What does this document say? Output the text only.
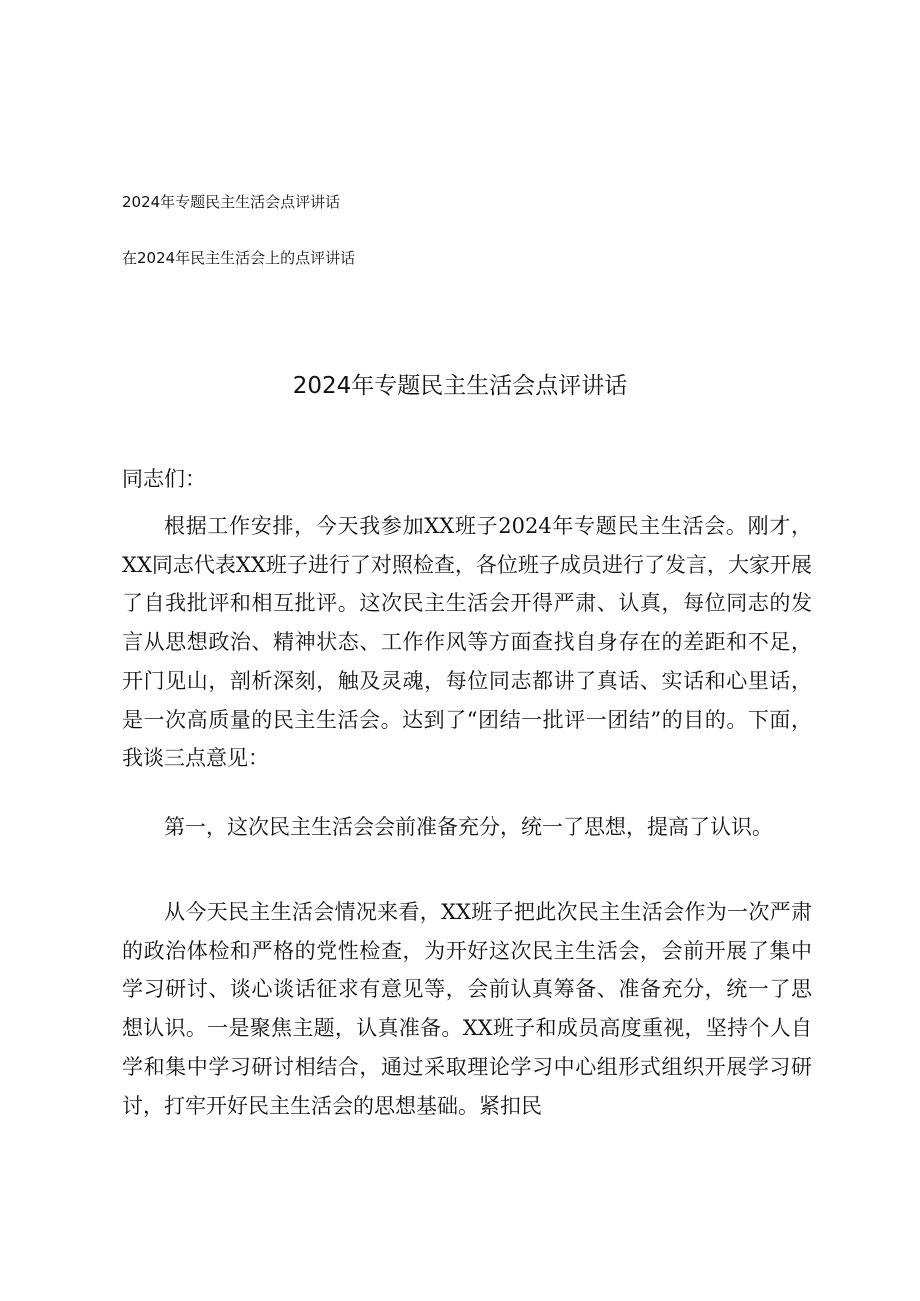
2024年专题民主生活会点评讲话
在2024年民主生活会上的点评讲话
2024年专题民主生活会点评讲话
同志们：

根据工作安排，今天我参加XX班子2024年专题民主生活会。刚才，XX同志代表XX班子进行了对照检查，各位班子成员进行了发言，大家开展了自我批评和相互批评。这次民主生活会开得严肃、认真，每位同志的发言从思想政治、精神状态、工作作风等方面查找自身存在的差距和不足，开门见山，剖析深刻，触及灵魂，每位同志都讲了真话、实话和心里话，是一次高质量的民主生活会。达到了“团结一批评一团结”的目的。下面，我谈三点意见：

第一，这次民主生活会会前准备充分，统一了思想，提高了认识。

从今天民主生活会情况来看，XX班子把此次民主生活会作为一次严肃的政治体检和严格的党性检查，为开好这次民主生活会，会前开展了集中学习研讨、谈心谈话征求有意见等，会前认真筹备、准备充分，统一了思想认识。一是聚焦主题，认真准备。XX班子和成员高度重视，坚持个人自学和集中学习研讨相结合，通过采取理论学习中心组形式组织开展学习研讨，打牢开好民主生活会的思想基础。紧扣民
